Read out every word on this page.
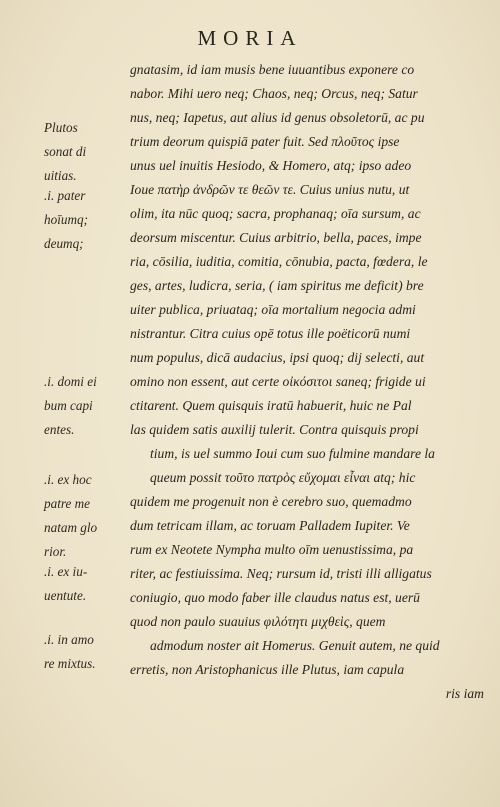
MORIA
gnatasim, id iam musis bene iuuantibus exponere co
nabor. Mihi uero neq; Chaos, neq; Orcus, neq; Satur
nus, neq; Iapetus, aut alius id genus obsoletorū, ac pu
trium deorum quispiā pater fuit. Sed πλοῦτος ipse
unus uel inuitis Hesiodo, & Homero, atq; ipso adeo
Ioue πατὴρ ἀνδρῶν τε θεῶν τε. Cuius unius nutu, ut
olim, ita nūc quoq; sacra, prophanaq; oīa sursum, ac
deorsum miscentur. Cuius arbitrio, bella, paces, impe
ria, cōsilia, iuditia, comitia, cōnubia, pacta, fœdera, le
ges, artes, ludicra, seria, ( iam spiritus me deficit) bre
uiter publica, priuataq; oīa mortalium negocia admi
nistrantur. Citra cuius opē totus ille poëticorū numi
num populus, dicā audacius, ipsi quoq; dij selecti, aut
omino non essent, aut certe οἰκόσιτοι saneq; frigide ui
ctitarent. Quem quisquis iratū habuerit, huic ne Pal
las quidem satis auxilij tulerit. Contra quisquis propi
tium, is uel summo Ioui cum suo fulmine mandare la
queum possit τοῦτο πατρὸς εὔχομαι εἶναι atq; hic
quidem me progenuit non è cerebro suo, quemadmo
dum tetricam illam, ac toruam Palladem Iupiter. Ve
rum ex Neotete Nympha multo oīm uenustissima, pa
riter, ac festiuissima. Neq; rursum id, tristi illi alligatus
coniugio, quo modo faber ille claudus natus est, uerū
quod non paulo suauius φιλότητι μιχθεὶς, quem
admodum noster ait Homerus. Genuit autem, ne quid
erretis, non Aristophanicus ille Plutus, iam capula
ris iam
Plutos
sonat di
uitias.
.i. pater
hoīumq;
deumq;
.i. domi ei
bum capi
entes.
.i. ex hoc
patre me
natam glo
rior.
.i. ex iu-
uentute.
.i. in amo
re mixtus.
